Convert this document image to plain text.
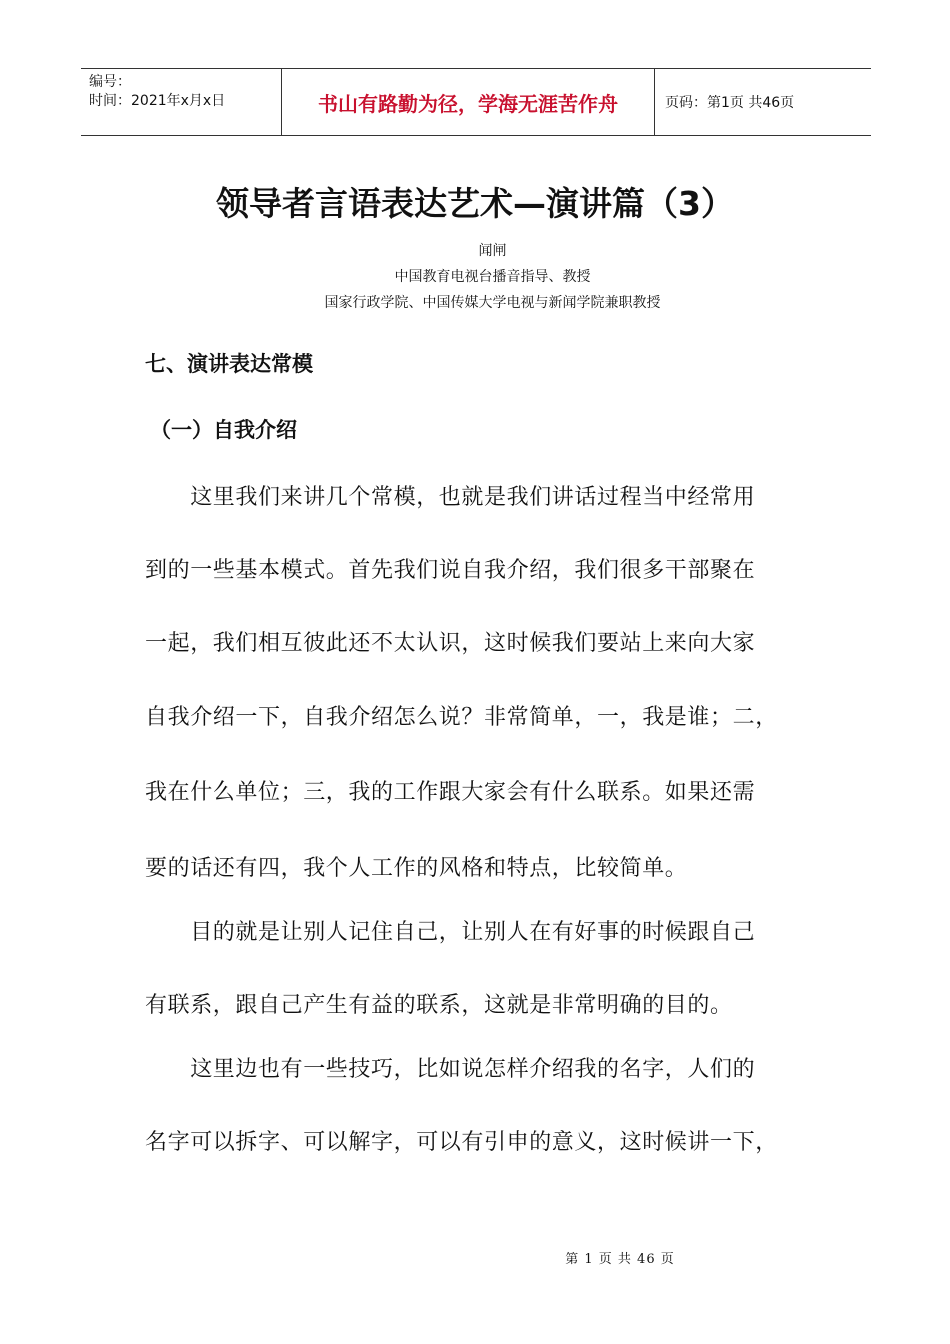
编号：
时间：2021年x月x日	书山有路勤为径，学海无涯苦作舟	页码：第1页 共46页
领导者言语表达艺术—演讲篇（3）
闻闸
中国教育电视台播音指导、教授
国家行政学院、中国传媒大学电视与新闻学院兼职教授
七、演讲表达常模
（一）自我介绍
　　这里我们来讲几个常模，也就是我们讲话过程当中经常用
到的一些基本模式。首先我们说自我介绍，我们很多干部聚在
一起，我们相互彼此还不太认识，这时候我们要站上来向大家
自我介绍一下，自我介绍怎么说？非常简单，一，我是谁；二，
我在什么单位；三，我的工作跟大家会有什么联系。如果还需
要的话还有四，我个人工作的风格和特点，比较简单。
　　目的就是让别人记住自己，让别人在有好事的时候跟自己
有联系，跟自己产生有益的联系，这就是非常明确的目的。
　　这里边也有一些技巧，比如说怎样介绍我的名字，人们的
名字可以拆字、可以解字，可以有引申的意义，这时候讲一下，
第 1 页 共 46 页
